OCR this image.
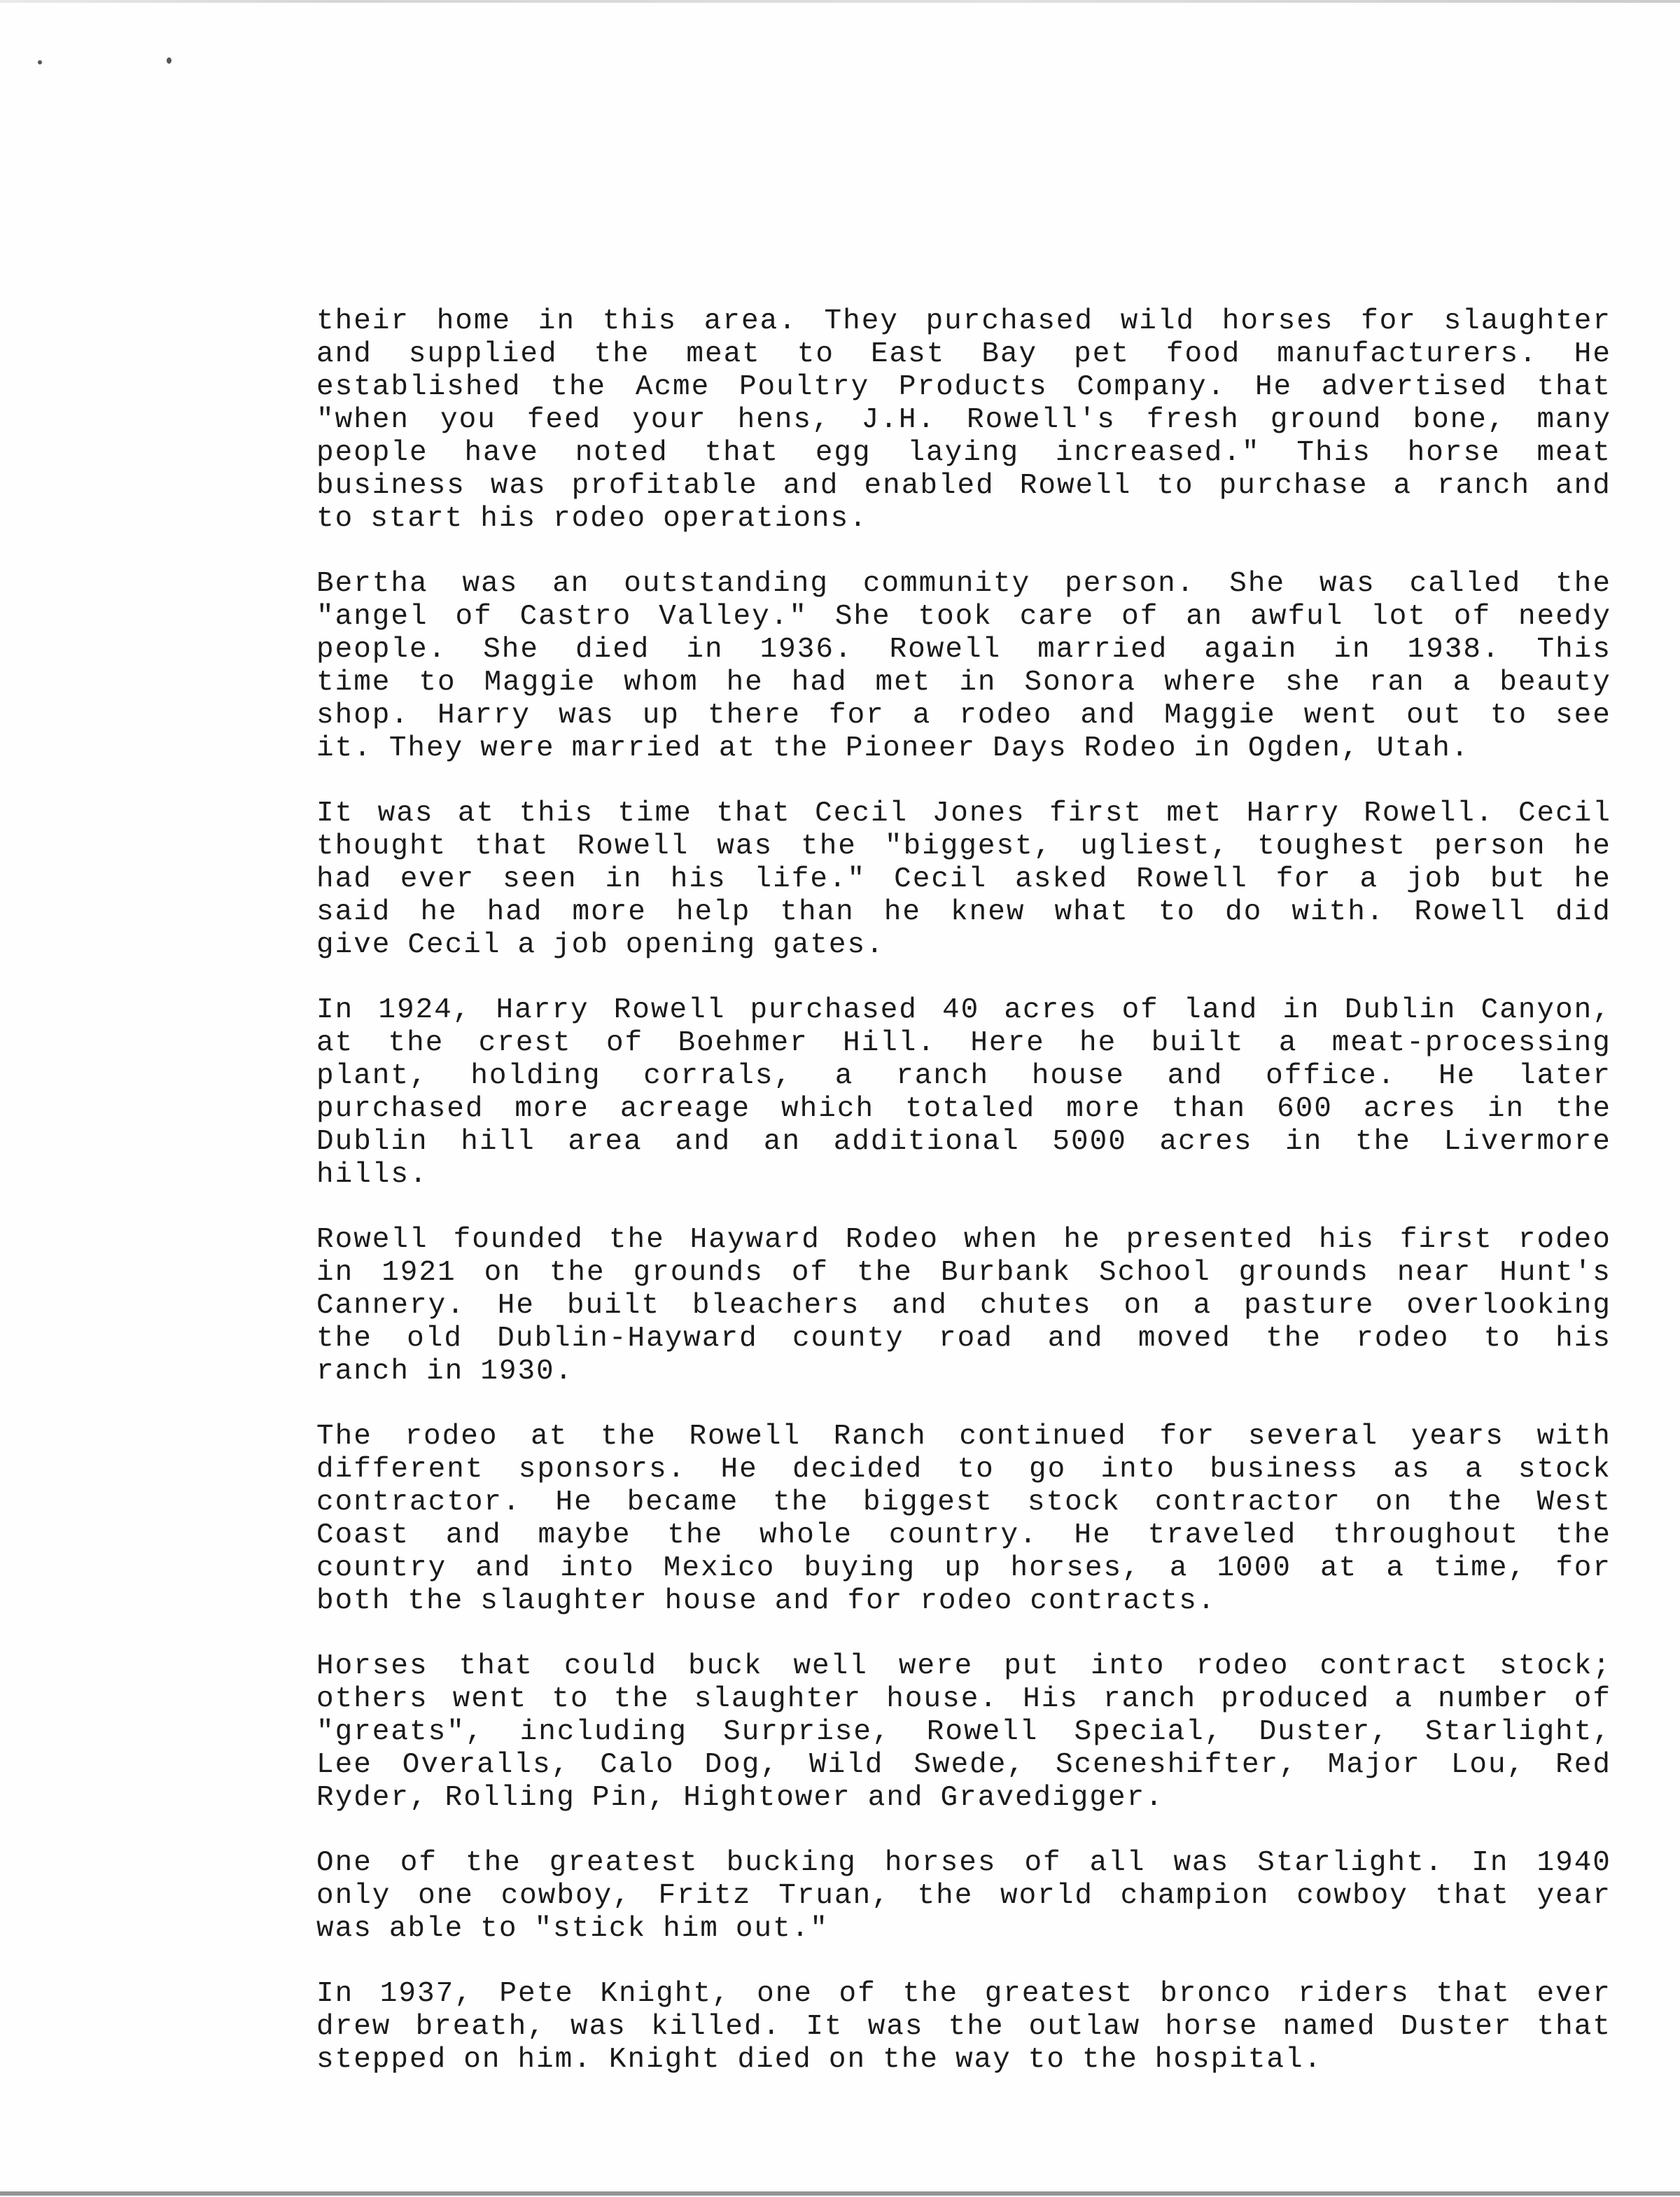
their home in this area. They purchased wild horses for slaughter
and supplied the meat to East Bay pet food manufacturers. He
established the Acme Poultry Products Company. He advertised that
"when you feed your hens, J.H. Rowell's fresh ground bone, many
people have noted that egg laying increased." This horse meat
business was profitable and enabled Rowell to purchase a ranch and
to start his rodeo operations.
Bertha was an outstanding community person. She was called the
"angel of Castro Valley." She took care of an awful lot of needy
people. She died in 1936. Rowell married again in 1938. This
time to Maggie whom he had met in Sonora where she ran a beauty
shop. Harry was up there for a rodeo and Maggie went out to see
it. They were married at the Pioneer Days Rodeo in Ogden, Utah.
It was at this time that Cecil Jones first met Harry Rowell. Cecil
thought that Rowell was the "biggest, ugliest, toughest person he
had ever seen in his life." Cecil asked Rowell for a job but he
said he had more help than he knew what to do with. Rowell did
give Cecil a job opening gates.
In 1924, Harry Rowell purchased 40 acres of land in Dublin Canyon,
at the crest of Boehmer Hill. Here he built a meat-processing
plant, holding corrals, a ranch house and office. He later
purchased more acreage which totaled more than 600 acres in the
Dublin hill area and an additional 5000 acres in the Livermore
hills.
Rowell founded the Hayward Rodeo when he presented his first rodeo
in 1921 on the grounds of the Burbank School grounds near Hunt's
Cannery. He built bleachers and chutes on a pasture overlooking
the old Dublin-Hayward county road and moved the rodeo to his
ranch in 1930.
The rodeo at the Rowell Ranch continued for several years with
different sponsors. He decided to go into business as a stock
contractor. He became the biggest stock contractor on the West
Coast and maybe the whole country. He traveled throughout the
country and into Mexico buying up horses, a 1000 at a time, for
both the slaughter house and for rodeo contracts.
Horses that could buck well were put into rodeo contract stock;
others went to the slaughter house. His ranch produced a number of
"greats", including Surprise, Rowell Special, Duster, Starlight,
Lee Overalls, Calo Dog, Wild Swede, Sceneshifter, Major Lou, Red
Ryder, Rolling Pin, Hightower and Gravedigger.
One of the greatest bucking horses of all was Starlight. In 1940
only one cowboy, Fritz Truan, the world champion cowboy that year
was able to "stick him out."
In 1937, Pete Knight, one of the greatest bronco riders that ever
drew breath, was killed. It was the outlaw horse named Duster that
stepped on him. Knight died on the way to the hospital.
